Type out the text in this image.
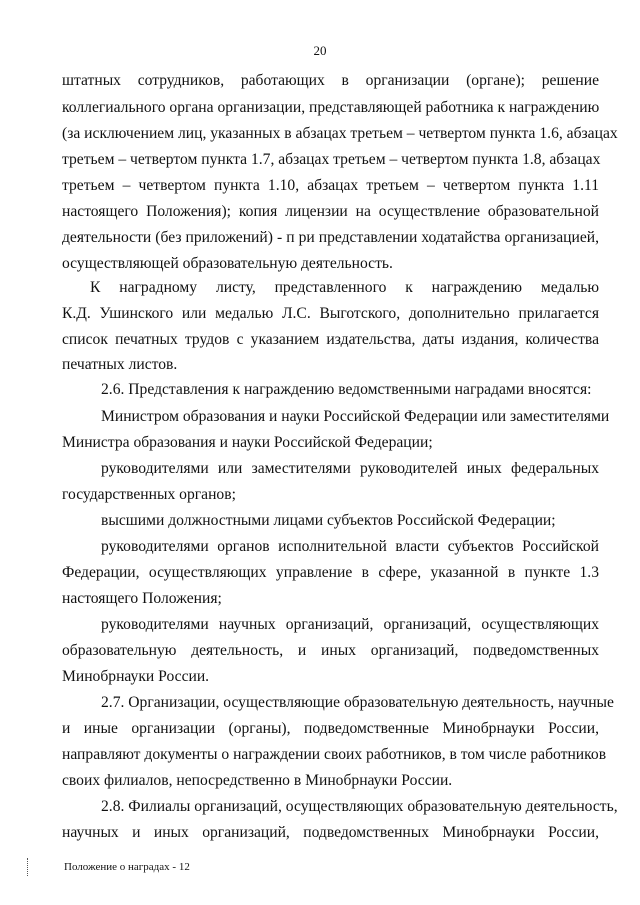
20
штатных сотрудников, работающих в организации (органе); решение
коллегиального органа организации, представляющей работника к награждению
(за исключением лиц, указанных в абзацах третьем – четвертом пункта 1.6, абзацах
третьем – четвертом пункта 1.7, абзацах третьем – четвертом пункта 1.8, абзацах
третьем – четвертом пункта 1.10, абзацах третьем – четвертом пункта 1.11
настоящего Положения); копия лицензии на осуществление образовательной
деятельности (без приложений) - п ри представлении ходатайства организацией,
осуществляющей образовательную деятельность.
К наградному листу, представленного к награждению медалью
К.Д. Ушинского или медалью Л.С. Выготского, дополнительно прилагается
список печатных трудов с указанием издательства, даты издания, количества
печатных листов.
2.6. Представления к награждению ведомственными наградами вносятся:
Министром образования и науки Российской Федерации или заместителями
Министра образования и науки Российской Федерации;
руководителями или заместителями руководителей иных федеральных
государственных органов;
высшими должностными лицами субъектов Российской Федерации;
руководителями органов исполнительной власти субъектов Российской
Федерации, осуществляющих управление в сфере, указанной в пункте 1.3
настоящего Положения;
руководителями научных организаций, организаций, осуществляющих
образовательную деятельность, и иных организаций, подведомственных
Минобрнауки России.
2.7. Организации, осуществляющие образовательную деятельность, научные
и иные организации (органы), подведомственные Минобрнауки России,
направляют документы о награждении своих работников, в том числе работников
своих филиалов, непосредственно в Минобрнауки России.
2.8. Филиалы организаций, осуществляющих образовательную деятельность,
научных и иных организаций, подведомственных Минобрнауки России,
Положение о наградах - 12
